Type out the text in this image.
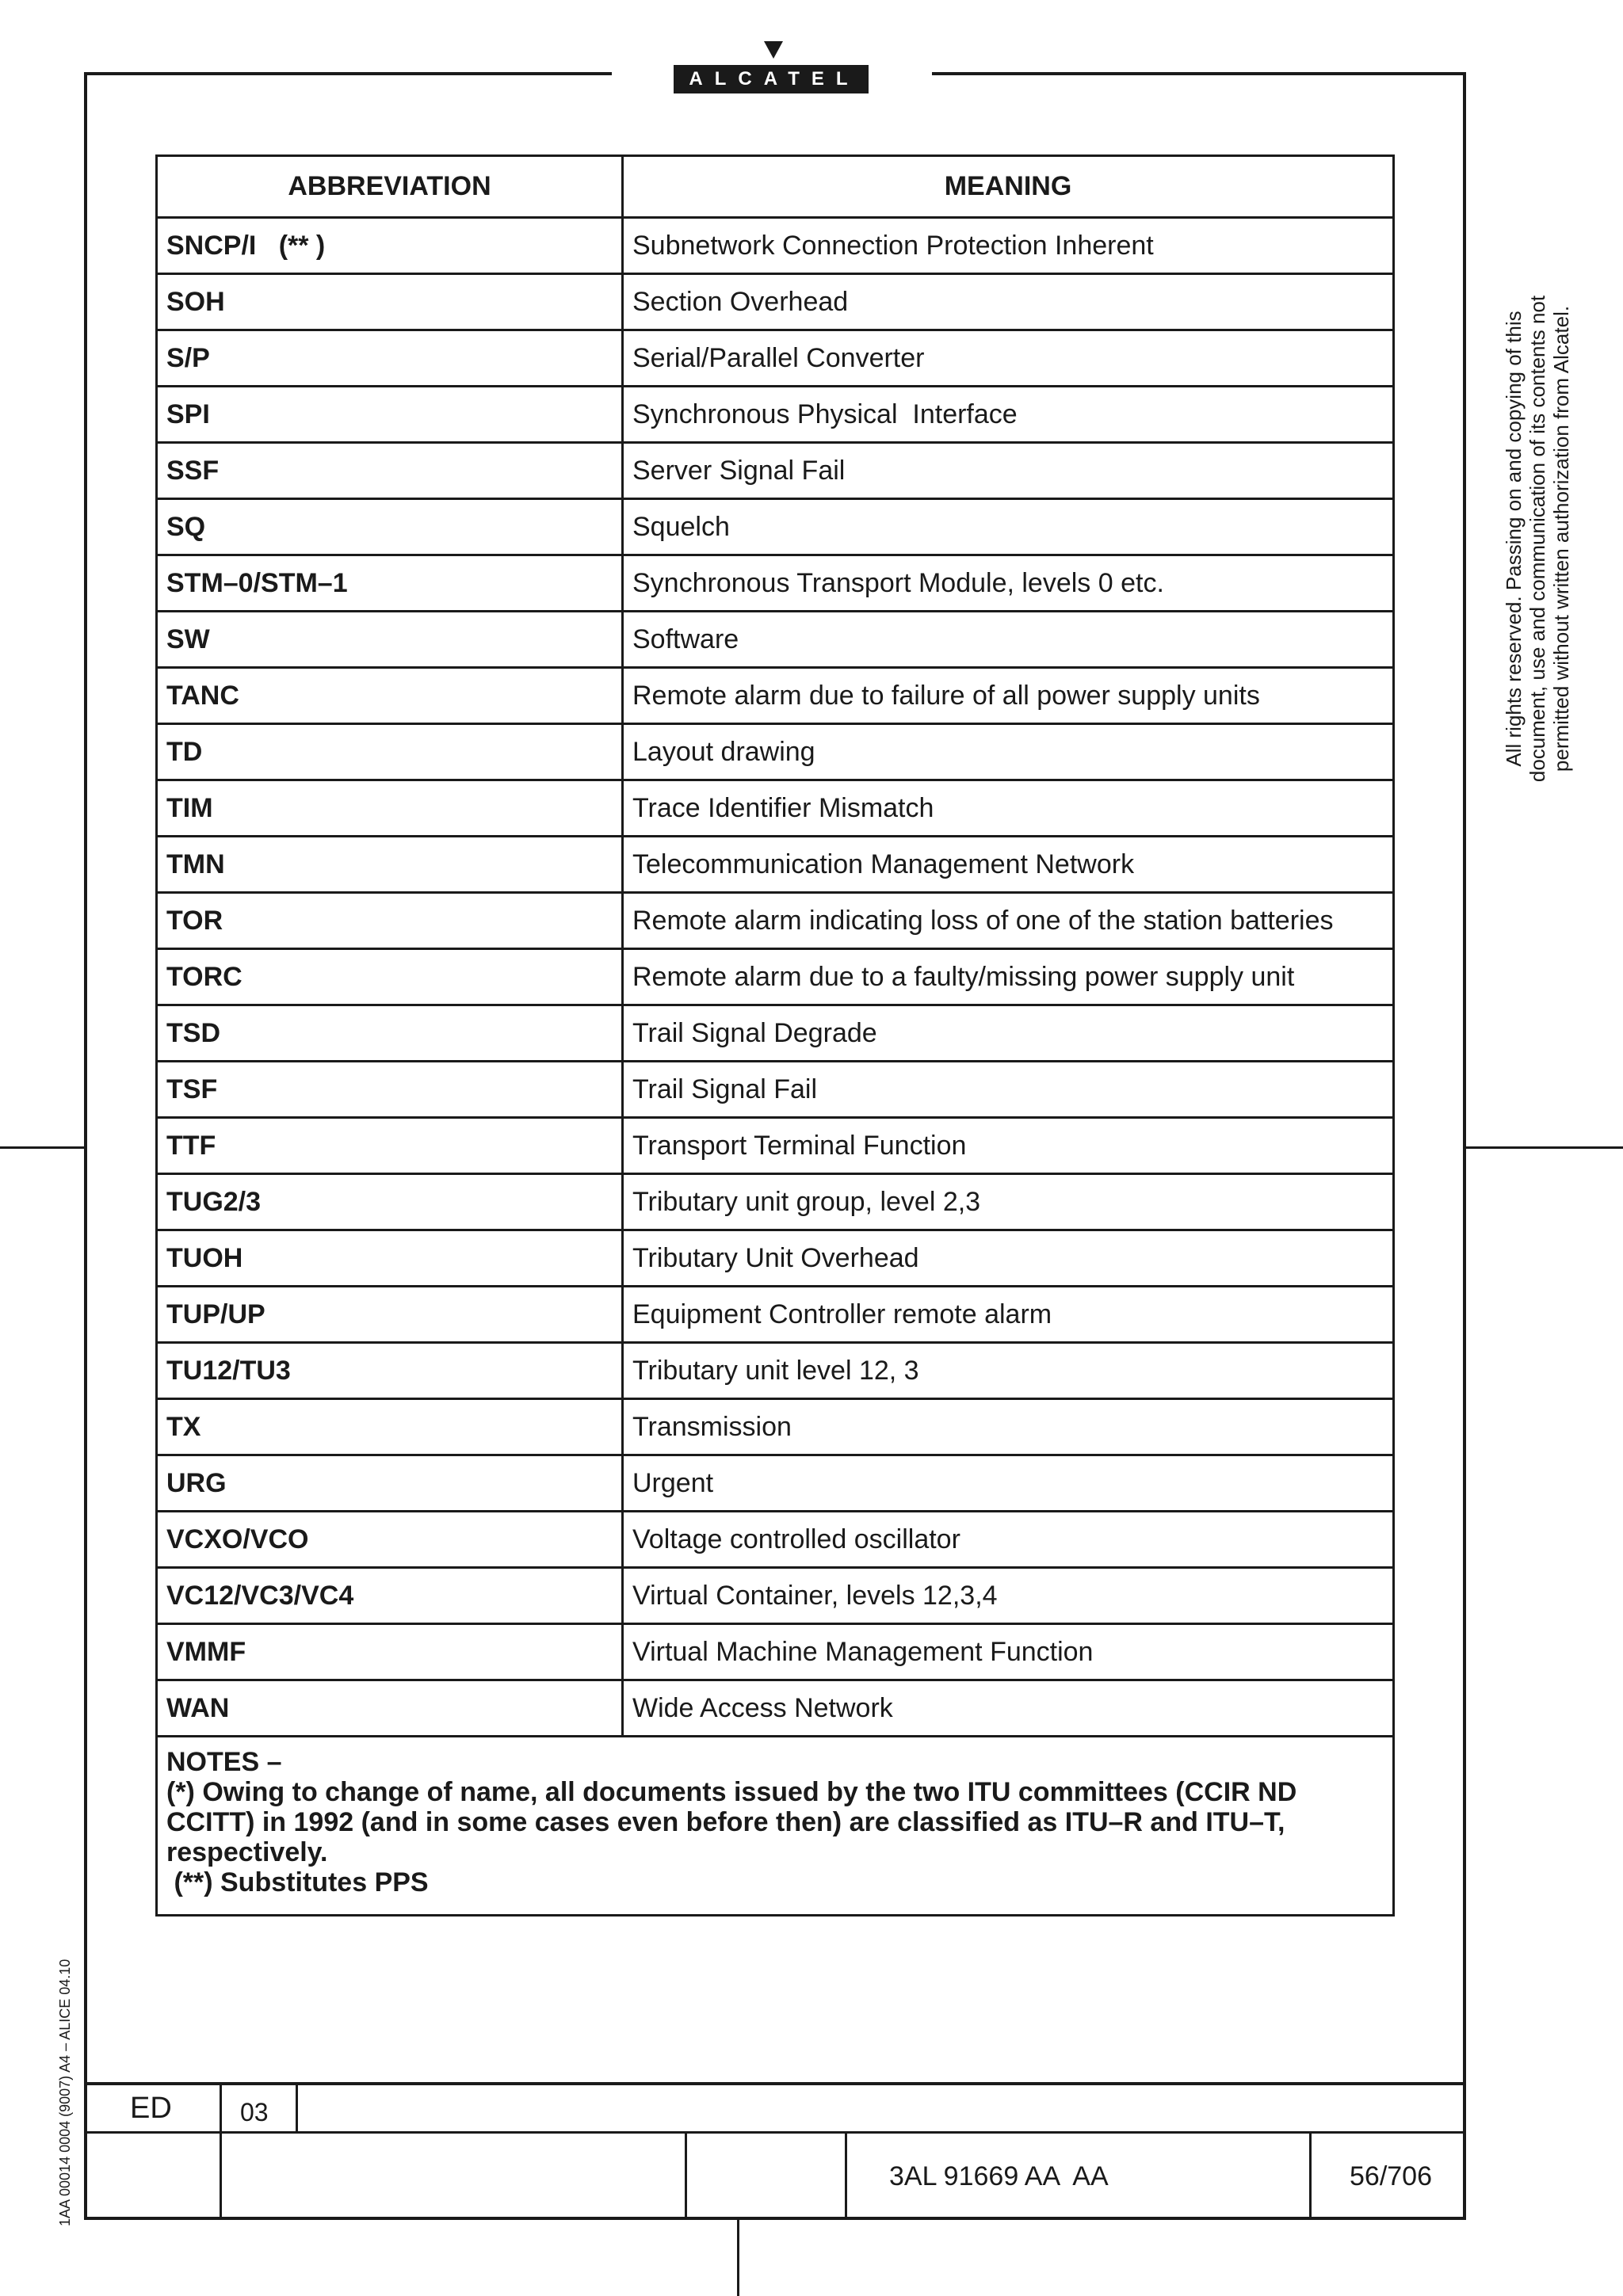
ALCATEL
ABBREVIATION	MEANING
SNCP/I   (** )	Subnetwork Connection Protection Inherent
SOH	Section Overhead
S/P	Serial/Parallel Converter
SPI	Synchronous Physical  Interface
SSF	Server Signal Fail
SQ	Squelch
STM–0/STM–1	Synchronous Transport Module, levels 0 etc.
SW	Software
TANC	Remote alarm due to failure of all power supply units
TD	Layout drawing
TIM	Trace Identifier Mismatch
TMN	Telecommunication Management Network
TOR	Remote alarm indicating loss of one of the station batteries
TORC	Remote alarm due to a faulty/missing power supply unit
TSD	Trail Signal Degrade
TSF	Trail Signal Fail
TTF	Transport Terminal Function
TUG2/3	Tributary unit group, level 2,3
TUOH	Tributary Unit Overhead
TUP/UP	Equipment Controller remote alarm
TU12/TU3	Tributary unit level 12, 3
TX	Transmission
URG	Urgent
VCXO/VCO	Voltage controlled oscillator
VC12/VC3/VC4	Virtual Container, levels 12,3,4
VMMF	Virtual Machine Management Function
WAN	Wide Access Network

NOTES –
(*) Owing to change of name, all documents issued by the two ITU committees (CCIR ND CCITT) in 1992 (and in some cases even before then) are classified as ITU–R and ITU–T, respectively.
(**) Substitutes PPS	
All rights reserved. Passing on and copying of this document, use and communication of its contents not permitted without written authorization from Alcatel.
1AA 00014 0004 (9007) A4 – ALICE 04.10 ED	03
3AL 91669 AA  AA	56/706
